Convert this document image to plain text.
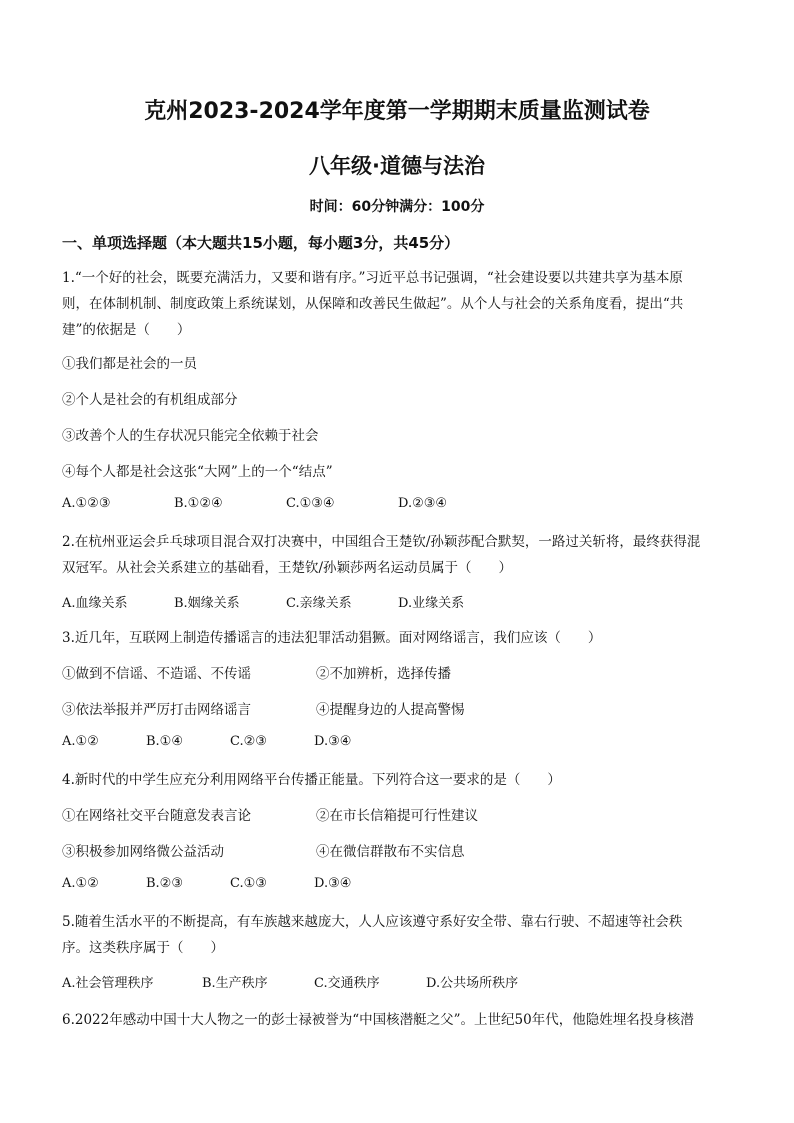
克州2023-2024学年度第一学期期末质量监测试卷
八年级·道德与法治
时间：60分钟满分：100分
一、单项选择题（本大题共15小题，每小题3分，共45分）
1.“一个好的社会，既要充满活力，又要和谐有序。”习近平总书记强调，“社会建设要以共建共享为基本原
则，在体制机制、制度政策上系统谋划，从保障和改善民生做起”。从个人与社会的关系角度看，提出“共
建”的依据是（　　）
①我们都是社会的一员
②个人是社会的有机组成部分
③改善个人的生存状况只能完全依赖于社会
④每个人都是社会这张“大网”上的一个“结点”
A.①②③	B.①②④	C.①③④	D.②③④
2.在杭州亚运会乒乓球项目混合双打决赛中，中国组合王楚钦/孙颖莎配合默契，一路过关斩将，最终获得混
双冠军。从社会关系建立的基础看，王楚钦/孙颖莎两名运动员属于（　　）
A.血缘关系	B.姻缘关系	C.亲缘关系	D.业缘关系
3.近几年，互联网上制造传播谣言的违法犯罪活动猖獗。面对网络谣言，我们应该（　　）
①做到不信谣、不造谣、不传谣	②不加辨析，选择传播
③依法举报并严厉打击网络谣言	④提醒身边的人提高警惕
A.①②	B.①④	C.②③	D.③④
4.新时代的中学生应充分利用网络平台传播正能量。下列符合这一要求的是（　　）
①在网络社交平台随意发表言论	②在市长信箱提可行性建议
③积极参加网络微公益活动	④在微信群散布不实信息
A.①②	B.②③	C.①③	D.③④
5.随着生活水平的不断提高，有车族越来越庞大，人人应该遵守系好安全带、靠右行驶、不超速等社会秩
序。这类秩序属于（　　）
A.社会管理秩序	B.生产秩序	C.交通秩序	D.公共场所秩序
6.2022年感动中国十大人物之一的彭士禄被誉为“中国核潜艇之父”。上世纪50年代，他隐姓埋名投身核潜
